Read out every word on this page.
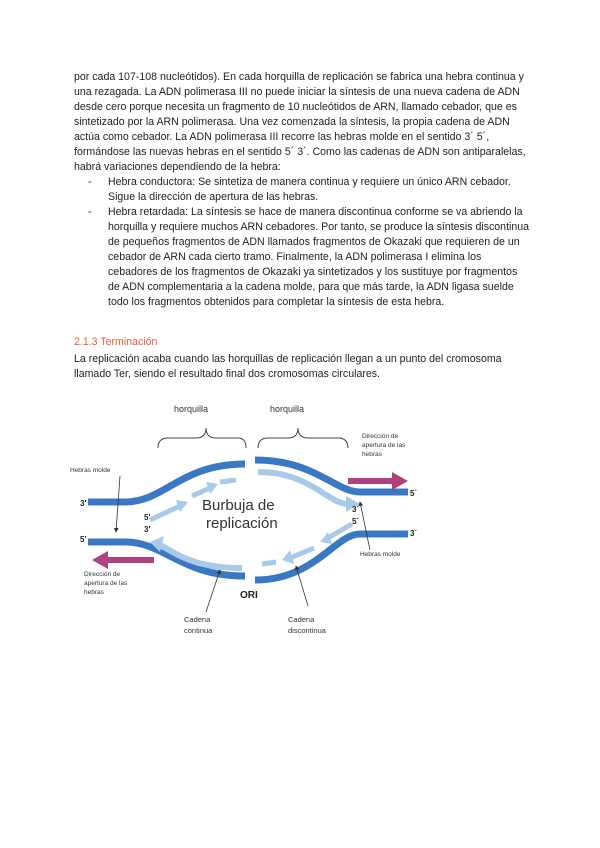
por cada 107-108 nucleótidos). En cada horquilla de replicación se fabrica una hebra continua y una rezagada. La ADN polimerasa III no puede iniciar la síntesis de una nueva cadena de ADN desde cero porque necesita un fragmento de 10 nucleótidos de ARN, llamado cebador, que es sintetizado por la ARN polimerasa. Una vez comenzada la síntesis, la propia cadena de ADN actúa como cebador. La ADN polimerasa III recorre las hebras molde en el sentido 3´ 5´, formándose las nuevas hebras en el sentido 5´ 3´. Como las cadenas de ADN son antiparalelas, habrá variaciones dependiendo de la hebra:
- Hebra conductora: Se sintetiza de manera continua y requiere un único ARN cebador. Sigue la dirección de apertura de las hebras.
- Hebra retardada: La síntesis se hace de manera discontinua conforme se va abriendo la horquilla y requiere muchos ARN cebadores. Por tanto, se produce la síntesis discontinua de pequeños fragmentos de ADN llamados fragmentos de Okazaki que requieren de un cebador de ARN cada cierto tramo. Finalmente, la ADN polimerasa I elimina los cebadores de los fragmentos de Okazaki ya sintetizados y los sustituye por fragmentos de ADN complementaria a la cadena molde, para que más tarde, la ADN ligasa suelde todo los fragmentos obtenidos para completar la síntesis de esta hebra.
2.1.3 Terminación
La replicación acaba cuando las horquillas de replicación llegan a un punto del cromosoma llamado Ter, siendo el resultado final dos cromosomas circulares.
horquilla	horquilla
Burbuja de
replicación
3'
5'
5'
3'
5´
3´
5´
3´
Hebras molde
Hebras molde
Dirección de apertura de las hebras
Dirección de apertura de las hebras	ORI
Cadena continua
Cadena discontinua
